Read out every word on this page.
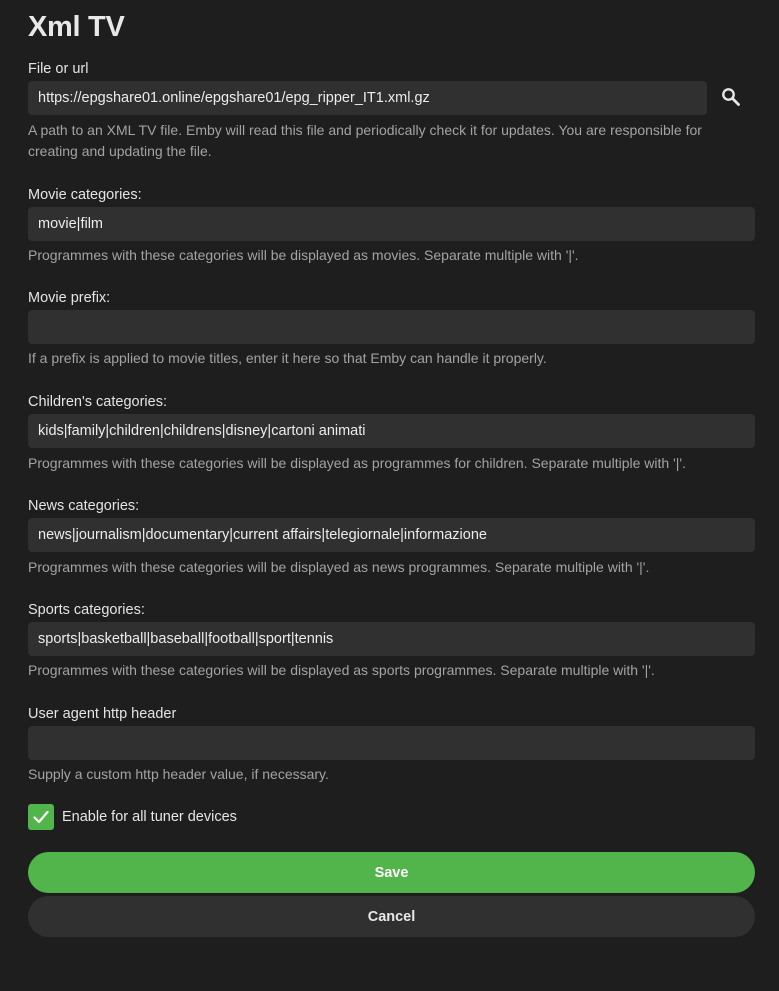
Xml TV
File or url
https://epgshare01.online/epgshare01/epg_ripper_IT1.xml.gz

A path to an XML TV file. Emby will read this file and periodically check it for updates. You are responsible for creating and updating the file.

Movie categories:
movie|film

Programmes with these categories will be displayed as movies. Separate multiple with '|'.

Movie prefix:

If a prefix is applied to movie titles, enter it here so that Emby can handle it properly.

Children's categories:
kids|family|children|childrens|disney|cartoni animati

Programmes with these categories will be displayed as programmes for children. Separate multiple with '|'.

News categories:
news|journalism|documentary|current affairs|telegiornale|informazione

Programmes with these categories will be displayed as news programmes. Separate multiple with '|'.

Sports categories:
sports|basketball|baseball|football|sport|tennis

Programmes with these categories will be displayed as sports programmes. Separate multiple with '|'.

User agent http header

Supply a custom http header value, if necessary.

Enable for all tuner devices
Save
Cancel
